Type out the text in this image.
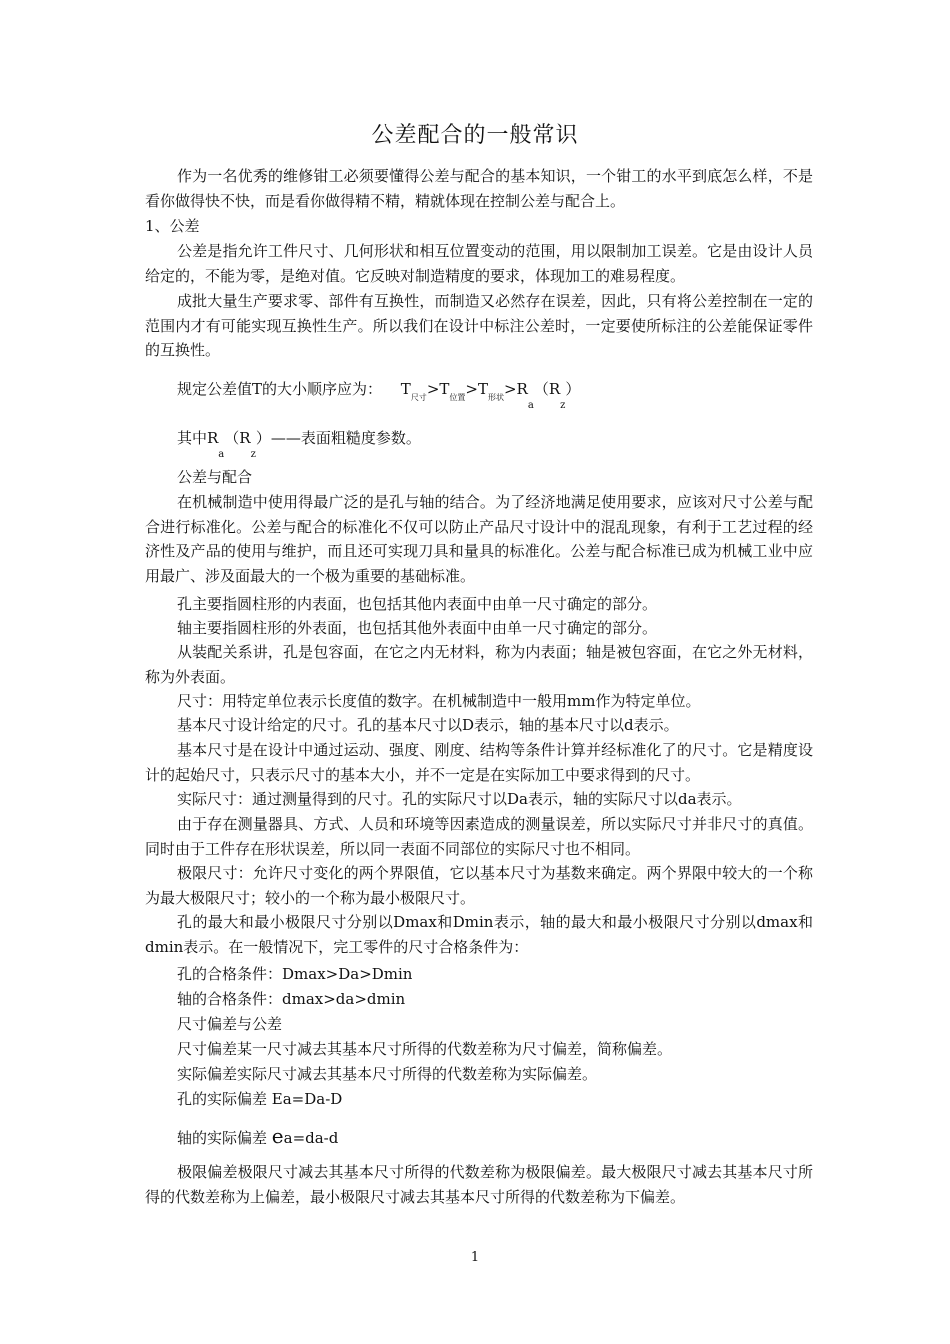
公差配合的一般常识
作为一名优秀的维修钳工必须要懂得公差与配合的基本知识，一个钳工的水平到底怎么样，不是看你做得快不快，而是看你做得精不精，精就体现在控制公差与配合上。
1、公差
公差是指允许工件尺寸、几何形状和相互位置变动的范围，用以限制加工误差。它是由设计人员给定的，不能为零，是绝对值。它反映对制造精度的要求，体现加工的难易程度。
成批大量生产要求零、部件有互换性，而制造又必然存在误差，因此，只有将公差控制在一定的范围内才有可能实现互换性生产。所以我们在设计中标注公差时，一定要使所标注的公差能保证零件的互换性。
规定公差值T的大小顺序应为： $T_{尺寸}>T_{位置}>T_{形状}>R_a(R_z)$
其中$R_a(R_z)——$表面粗糙度参数。
公差与配合
在机械制造中使用得最广泛的是孔与轴的结合。为了经济地满足使用要求，应该对尺寸公差与配合进行标准化。公差与配合的标准化不仅可以防止产品尺寸设计中的混乱现象，有利于工艺过程的经济性及产品的使用与维护，而且还可实现刀具和量具的标准化。公差与配合标准已成为机械工业中应用最广、涉及面最大的一个极为重要的基础标准。
孔主要指圆柱形的内表面，也包括其他内表面中由单一尺寸确定的部分。
轴主要指圆柱形的外表面，也包括其他外表面中由单一尺寸确定的部分。
从装配关系讲，孔是包容面，在它之内无材料，称为内表面；轴是被包容面，在它之外无材料，称为外表面。
尺寸：用特定单位表示长度值的数字。在机械制造中一般用mm作为特定单位。
基本尺寸设计给定的尺寸。孔的基本尺寸以D表示，轴的基本尺寸以d表示。
基本尺寸是在设计中通过运动、强度、刚度、结构等条件计算并经标准化了的尺寸。它是精度设计的起始尺寸，只表示尺寸的基本大小，并不一定是在实际加工中要求得到的尺寸。
实际尺寸：通过测量得到的尺寸。孔的实际尺寸以Da表示，轴的实际尺寸以da表示。
由于存在测量器具、方式、人员和环境等因素造成的测量误差，所以实际尺寸并非尺寸的真值。同时由于工件存在形状误差，所以同一表面不同部位的实际尺寸也不相同。
极限尺寸：允许尺寸变化的两个界限值，它以基本尺寸为基数来确定。两个界限中较大的一个称为最大极限尺寸；较小的一个称为最小极限尺寸。
孔的最大和最小极限尺寸分别以Dmax和Dmin表示，轴的最大和最小极限尺寸分别以dmax和dmin表示。在一般情况下，完工零件的尺寸合格条件为：
孔的合格条件：Dmax>Da>Dmin
轴的合格条件：dmax>da>dmin
尺寸偏差与公差
尺寸偏差某一尺寸减去其基本尺寸所得的代数差称为尺寸偏差，简称偏差。
实际偏差实际尺寸减去其基本尺寸所得的代数差称为实际偏差。
孔的实际偏差 Ea=Da-D
轴的实际偏差 ea=da-d
极限偏差极限尺寸减去其基本尺寸所得的代数差称为极限偏差。最大极限尺寸减去其基本尺寸所得的代数差称为上偏差，最小极限尺寸减去其基本尺寸所得的代数差称为下偏差。
1
